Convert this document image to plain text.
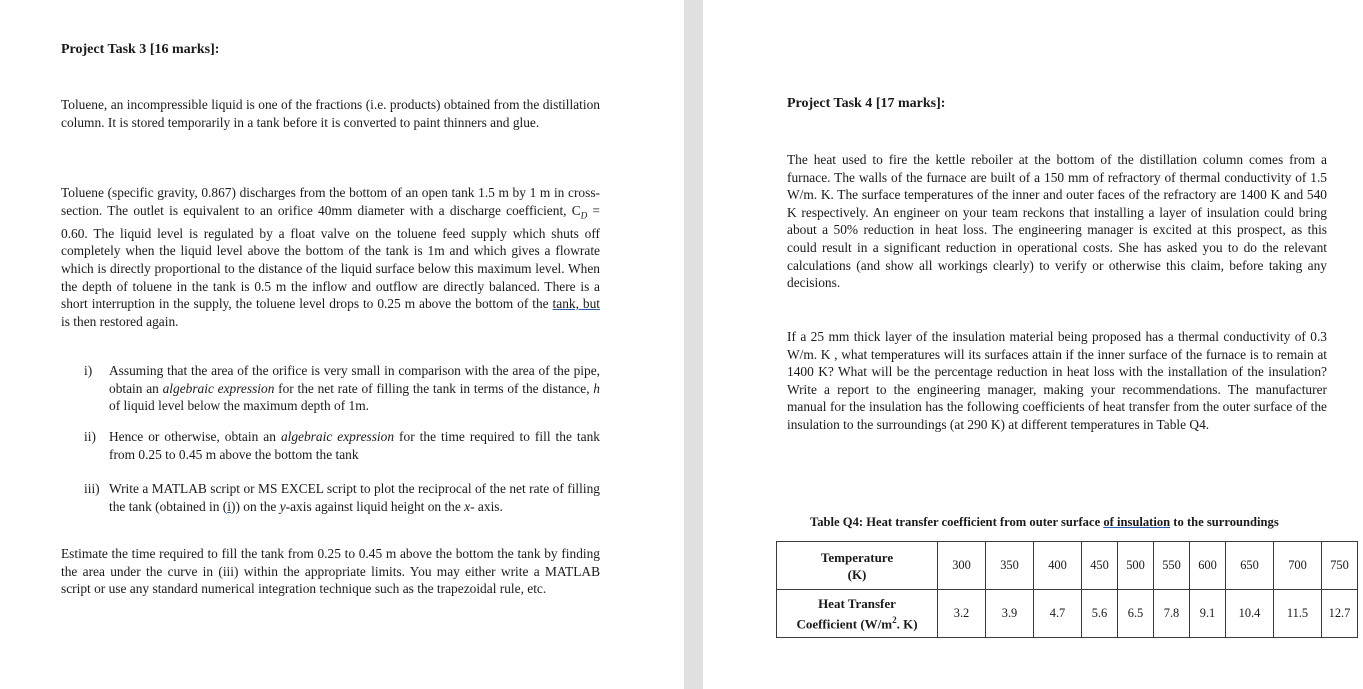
Project Task 3 [16 marks]:

Toluene, an incompressible liquid is one of the fractions (i.e. products) obtained from the distillation column. It is stored temporarily in a tank before it is converted to paint thinners and glue.

Toluene (specific gravity, 0.867) discharges from the bottom of an open tank 1.5 m by 1 m in cross-section. The outlet is equivalent to an orifice 40mm diameter with a discharge coefficient, $C_D = 0.60$. The liquid level is regulated by a float valve on the toluene feed supply which shuts off completely when the liquid level above the bottom of the tank is 1m and which gives a flowrate which is directly proportional to the distance of the liquid surface below this maximum level. When the depth of toluene in the tank is 0.5 m the inflow and outflow are directly balanced. There is a short interruption in the supply, the toluene level drops to 0.25 m above the bottom of the tank, but is then restored again.

i) Assuming that the area of the orifice is very small in comparison with the area of the pipe, obtain an algebraic expression for the net rate of filling the tank in terms of the distance, h of liquid level below the maximum depth of 1m.
ii) Hence or otherwise, obtain an algebraic expression for the time required to fill the tank from 0.25 to 0.45 m above the bottom the tank
iii) Write a MATLAB script or MS EXCEL script to plot the reciprocal of the net rate of filling the tank (obtained in (i)) on the y-axis against liquid height on the x- axis.

Estimate the time required to fill the tank from 0.25 to 0.45 m above the bottom the tank by finding the area under the curve in (iii) within the appropriate limits. You may either write a MATLAB script or use any standard numerical integration technique such as the trapezoidal rule, etc.

Project Task 4 [17 marks]:

The heat used to fire the kettle reboiler at the bottom of the distillation column comes from a furnace. The walls of the furnace are built of a 150 mm of refractory of thermal conductivity of 1.5 W/m. K. The surface temperatures of the inner and outer faces of the refractory are 1400 K and 540 K respectively. An engineer on your team reckons that installing a layer of insulation could bring about a 50% reduction in heat loss. The engineering manager is excited at this prospect, as this could result in a significant reduction in operational costs. She has asked you to do the relevant calculations (and show all workings clearly) to verify or otherwise this claim, before taking any decisions.

If a 25 mm thick layer of the insulation material being proposed has a thermal conductivity of 0.3 W/m. K , what temperatures will its surfaces attain if the inner surface of the furnace is to remain at 1400 K? What will be the percentage reduction in heat loss with the installation of the insulation? Write a report to the engineering manager, making your recommendations. The manufacturer manual for the insulation has the following coefficients of heat transfer from the outer surface of the insulation to the surroundings (at 290 K) at different temperatures in Table Q4.

Table Q4: Heat transfer coefficient from outer surface of insulation to the surroundings
Temperature
(K)	300	350	400	450	500	550	600	650	700	750
Heat Transfer
Coefficient ($W/m^2$. K)	3.2	3.9	4.7	5.6	6.5	7.8	9.1	10.4	11.5	12.7
